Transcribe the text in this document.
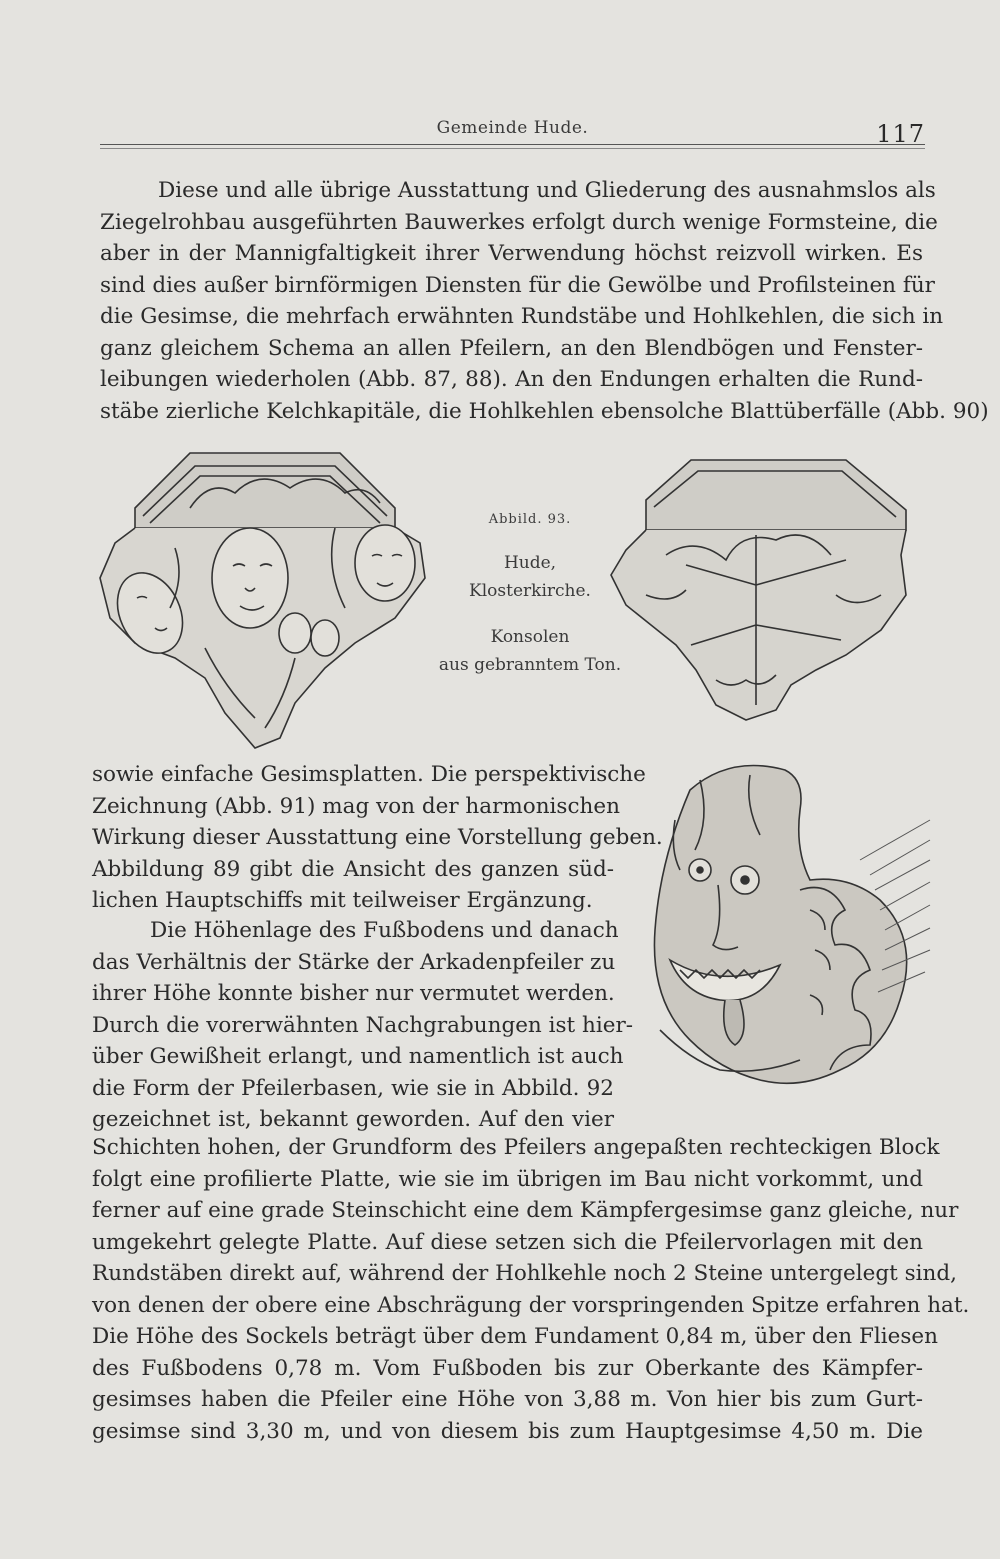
Gemeinde Hude.	117

Diese und alle übrige Ausstattung und Gliederung des ausnahmslos als
Ziegelrohbau ausgeführten Bauwerkes erfolgt durch wenige Formsteine, die
aber in der Mannigfaltigkeit ihrer Verwendung höchst reizvoll wirken. Es
sind dies außer birnförmigen Diensten für die Gewölbe und Profilsteinen für
die Gesimse, die mehrfach erwähnten Rundstäbe und Hohlkehlen, die sich in
ganz gleichem Schema an allen Pfeilern, an den Blendbögen und Fenster-
leibungen wiederholen (Abb. 87, 88). An den Endungen erhalten die Rund-
stäbe zierliche Kelchkapitäle, die Hohlkehlen ebensolche Blattüberfälle (Abb. 90)

Abbild. 93.
Hude,
Klosterkirche.
Konsolen
aus gebranntem Ton.

sowie einfache Gesimsplatten. Die perspektivische
Zeichnung (Abb. 91) mag von der harmonischen
Wirkung dieser Ausstattung eine Vorstellung geben.
Abbildung 89 gibt die Ansicht des ganzen süd-
lichen Hauptschiffs mit teilweiser Ergänzung.

Die Höhenlage des Fußbodens und danach
das Verhältnis der Stärke der Arkadenpfeiler zu
ihrer Höhe konnte bisher nur vermutet werden.
Durch die vorerwähnten Nachgrabungen ist hier-
über Gewißheit erlangt, und namentlich ist auch
die Form der Pfeilerbasen, wie sie in Abbild. 92
gezeichnet ist, bekannt geworden. Auf den vier

Schichten hohen, der Grundform des Pfeilers angepaßten rechteckigen Block
folgt eine profilierte Platte, wie sie im übrigen im Bau nicht vorkommt, und
ferner auf eine grade Steinschicht eine dem Kämpfergesimse ganz gleiche, nur
umgekehrt gelegte Platte. Auf diese setzen sich die Pfeilervorlagen mit den
Rundstäben direkt auf, während der Hohlkehle noch 2 Steine untergelegt sind,
von denen der obere eine Abschrägung der vorspringenden Spitze erfahren hat.
Die Höhe des Sockels beträgt über dem Fundament 0,84 m, über den Fliesen
des Fußbodens 0,78 m. Vom Fußboden bis zur Oberkante des Kämpfer-
gesimses haben die Pfeiler eine Höhe von 3,88 m. Von hier bis zum Gurt-
gesimse sind 3,30 m, und von diesem bis zum Hauptgesimse 4,50 m. Die
